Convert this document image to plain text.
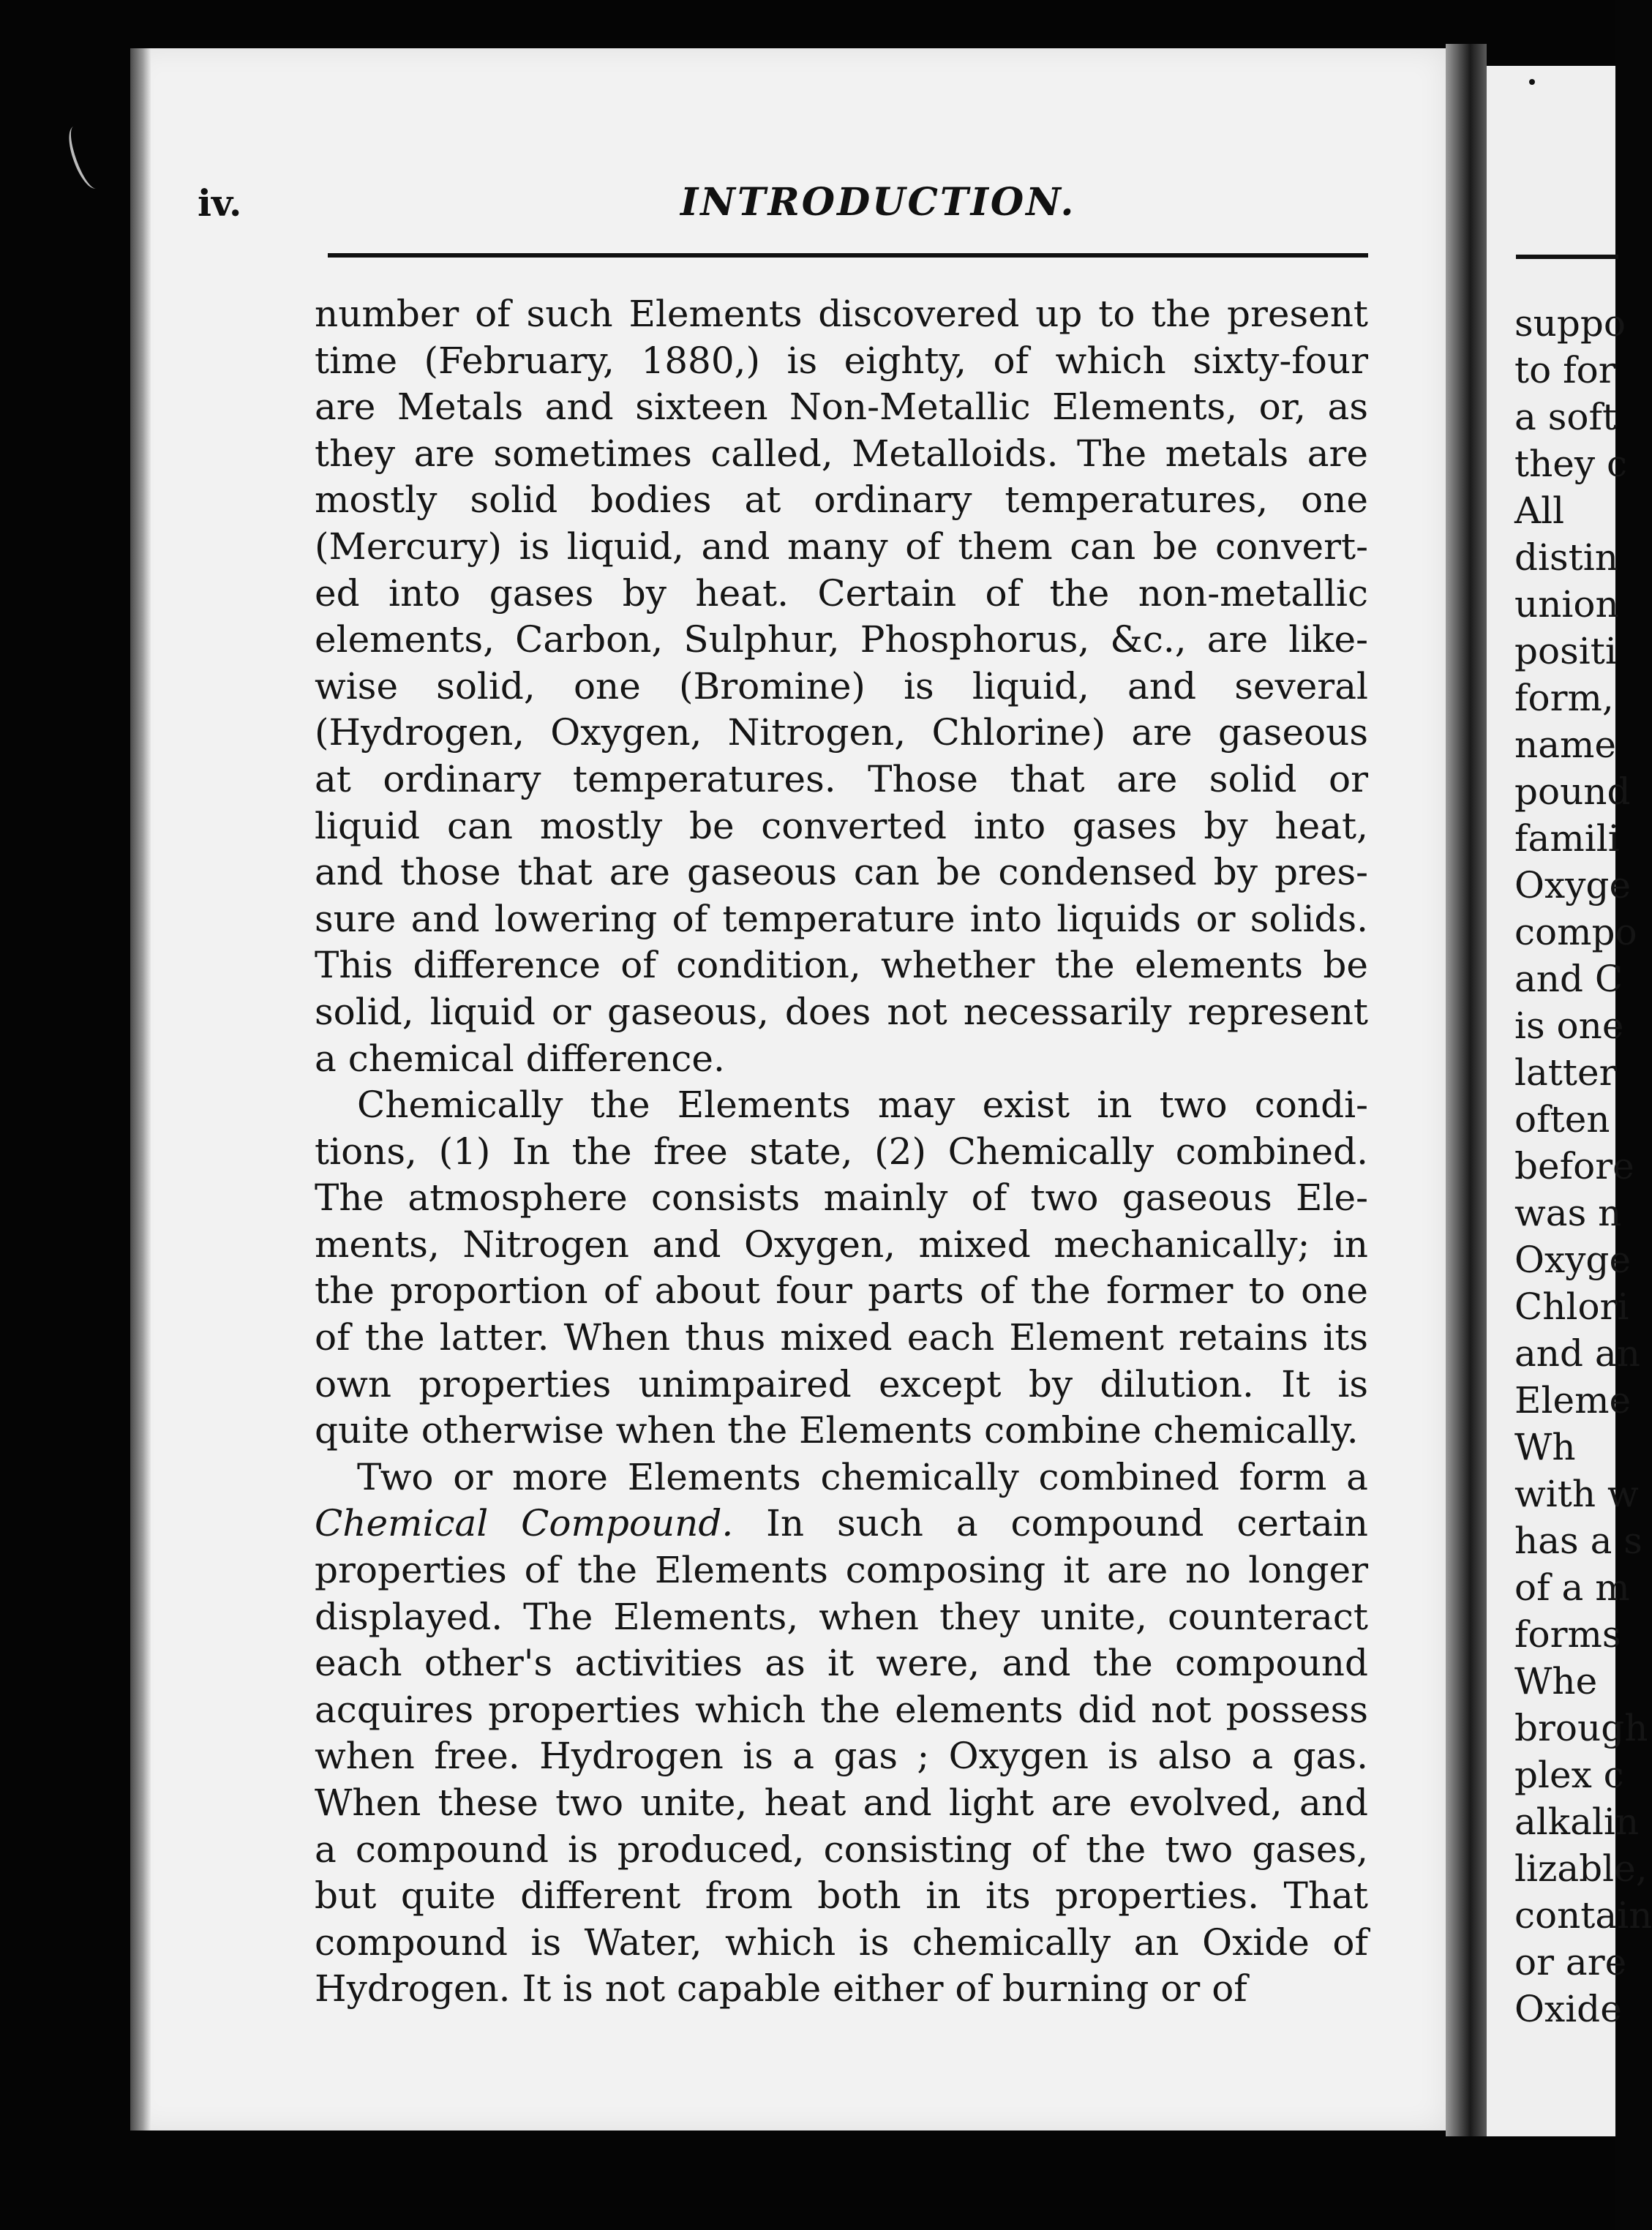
iv.	INTRODUCTION.
number of such Elements discovered up to the present
time (February, 1880,) is eighty, of which sixty-four
are Metals and sixteen Non-Metallic Elements, or, as
they are sometimes called, Metalloids. The metals are
mostly solid bodies at ordinary temperatures, one
(Mercury) is liquid, and many of them can be convert-
ed into gases by heat. Certain of the non-metallic
elements, Carbon, Sulphur, Phosphorus, &c., are like-
wise solid, one (Bromine) is liquid, and several
(Hydrogen, Oxygen, Nitrogen, Chlorine) are gaseous
at ordinary temperatures. Those that are solid or
liquid can mostly be converted into gases by heat,
and those that are gaseous can be condensed by pres-
sure and lowering of temperature into liquids or solids.
This difference of condition, whether the elements be
solid, liquid or gaseous, does not necessarily represent
a chemical difference.
Chemically the Elements may exist in two condi-
tions, (1) In the free state, (2) Chemically combined.
The atmosphere consists mainly of two gaseous Ele-
ments, Nitrogen and Oxygen, mixed mechanically; in
the proportion of about four parts of the former to one
of the latter. When thus mixed each Element retains its
own properties unimpaired except by dilution. It is
quite otherwise when the Elements combine chemically.
Two or more Elements chemically combined form a
Chemical Compound. In such a compound certain
properties of the Elements composing it are no longer
displayed. The Elements, when they unite, counteract
each other's activities as it were, and the compound
acquires properties which the elements did not possess
when free. Hydrogen is a gas ; Oxygen is also a gas.
When these two unite, heat and light are evolved, and
a compound is produced, consisting of the two gases,
but quite different from both in its properties. That
compound is Water, which is chemically an Oxide of
Hydrogen. It is not capable either of burning or of
suppo
to for
a soft
they c
All
distin
union
positi
form,
name
pound
famili
Oxyge
compo
and C
is one
latter
often
before
was n
Oxyge
Chlori
and an
Eleme
Wh
with w
has a s
of a m
forms
Whe
brough
plex c
alkalin
lizable,
contain
or are
Oxide
